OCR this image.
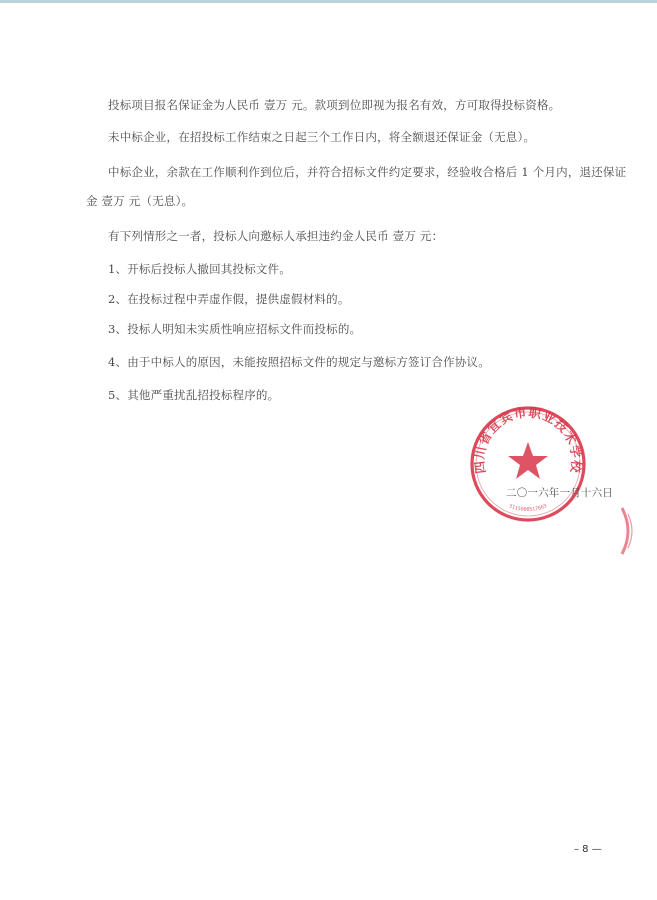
投标项目报名保证金为人民币 壹万 元。款项到位即视为报名有效，方可取得投标资格。
未中标企业，在招投标工作结束之日起三个工作日内，将全额退还保证金（无息）。
中标企业，余款在工作顺利作到位后，并符合招标文件约定要求，经验收合格后 1 个月内，退还保证
金 壹万 元（无息）。
有下列情形之一者，投标人向邀标人承担违约金人民币 壹万 元：
1、开标后投标人撤回其投标文件。
2、在投标过程中弄虚作假，提供虚假材料的。
3、投标人明知未实质性响应招标文件而投标的。
4、由于中标人的原因，未能按照招标文件的规定与邀标方签订合作协议。
5、其他严重扰乱招投标程序的。
四川省宜宾市职业技术学校
5115000517663
二〇一六年一月十六日
– 8 —
